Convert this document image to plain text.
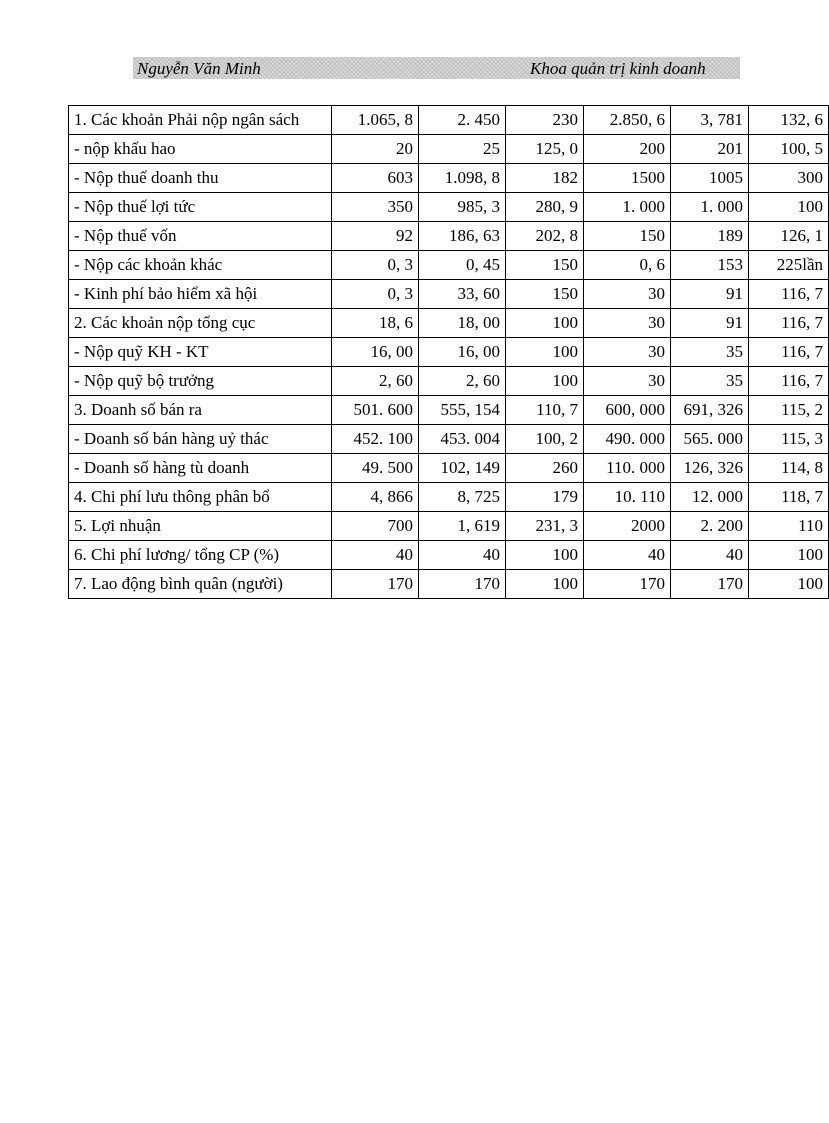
Nguyễn Văn Minh	Khoa quản trị kinh doanh
1. Các khoản Phải nộp ngân sách	1.065, 8	2. 450	230	2.850, 6	3, 781	132, 6
- nộp khấu hao	20	25	125, 0	200	201	100, 5
- Nộp thuế doanh thu	603	1.098, 8	182	1500	1005	300
- Nộp thuế lợi tức	350	985, 3	280, 9	1. 000	1. 000	100
- Nộp thuế vốn	92	186, 63	202, 8	150	189	126, 1
- Nộp các khoản khác	0, 3	0, 45	150	0, 6	153	225lần
- Kinh phí bảo hiểm xã hội	0, 3	33, 60	150	30	91	116, 7
2. Các khoản nộp tổng cục	18, 6	18, 00	100	30	91	116, 7
- Nộp quỹ KH - KT	16, 00	16, 00	100	30	35	116, 7
- Nộp quỹ bộ trưởng	2, 60	2, 60	100	30	35	116, 7
3. Doanh số bán ra	501. 600	555, 154	110, 7	600, 000	691, 326	115, 2
- Doanh số bán hàng uỷ thác	452. 100	453. 004	100, 2	490. 000	565. 000	115, 3
- Doanh số hàng tù doanh	49. 500	102, 149	260	110. 000	126, 326	114, 8
4. Chi phí lưu thông phân bổ	4, 866	8, 725	179	10. 110	12. 000	118, 7
5. Lợi nhuận	700	1, 619	231, 3	2000	2. 200	110
6. Chi phí lương/ tổng CP (%)	40	40	100	40	40	100
7. Lao động bình quân (người)	170	170	100	170	170	100
